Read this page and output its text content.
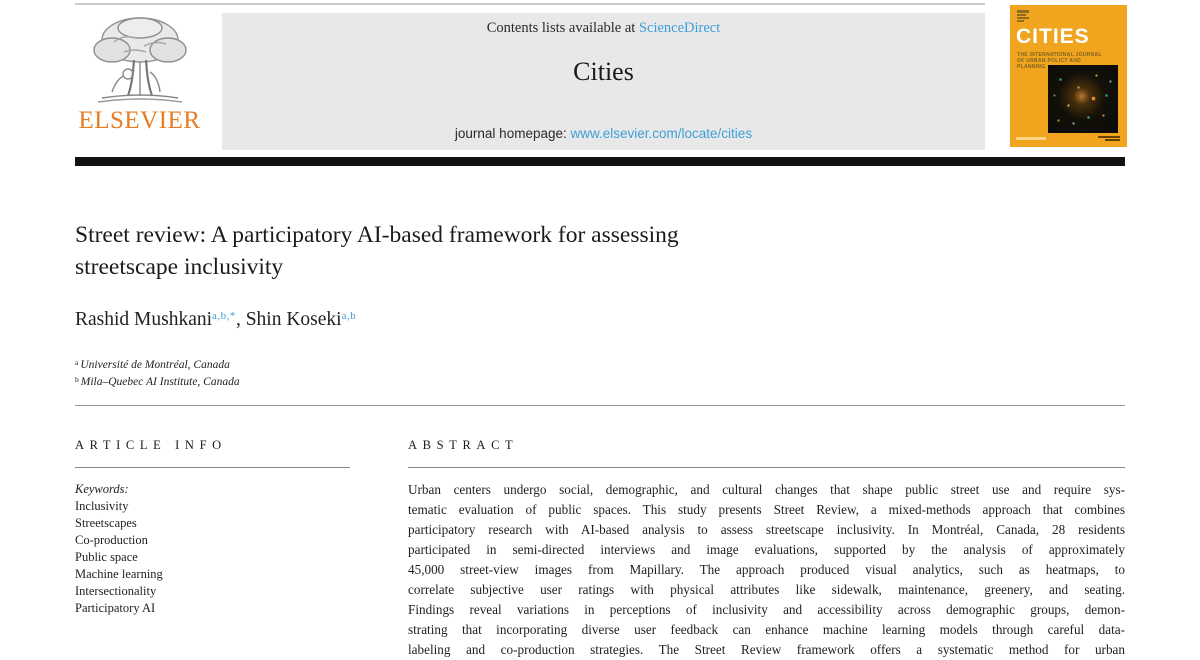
ELSEVIER
Contents lists available at ScienceDirect
Cities
journal homepage: www.elsevier.com/locate/cities
CITIES
THE INTERNATIONAL JOURNAL OF URBAN POLICY AND PLANNING
Street review: A participatory AI-based framework for assessing
streetscape inclusivity
Rashid Mushkani$^{a,b,*}$, Shin Koseki$^{a,b}$
$^a$ Université de Montréal, Canada
$^b$ Mila–Quebec AI Institute, Canada
ARTICLE INFO
Keywords:
Inclusivity
Streetscapes
Co-production
Public space
Machine learning
Intersectionality
Participatory AI
ABSTRACT
Urban centers undergo social, demographic, and cultural changes that shape public street use and require sys-
tematic evaluation of public spaces. This study presents Street Review, a mixed-methods approach that combines
participatory research with AI-based analysis to assess streetscape inclusivity. In Montréal, Canada, 28 residents
participated in semi-directed interviews and image evaluations, supported by the analysis of approximately
45,000 street-view images from Mapillary. The approach produced visual analytics, such as heatmaps, to
correlate subjective user ratings with physical attributes like sidewalk, maintenance, greenery, and seating.
Findings reveal variations in perceptions of inclusivity and accessibility across demographic groups, demon-
strating that incorporating diverse user feedback can enhance machine learning models through careful data-
labeling and co-production strategies. The Street Review framework offers a systematic method for urban
